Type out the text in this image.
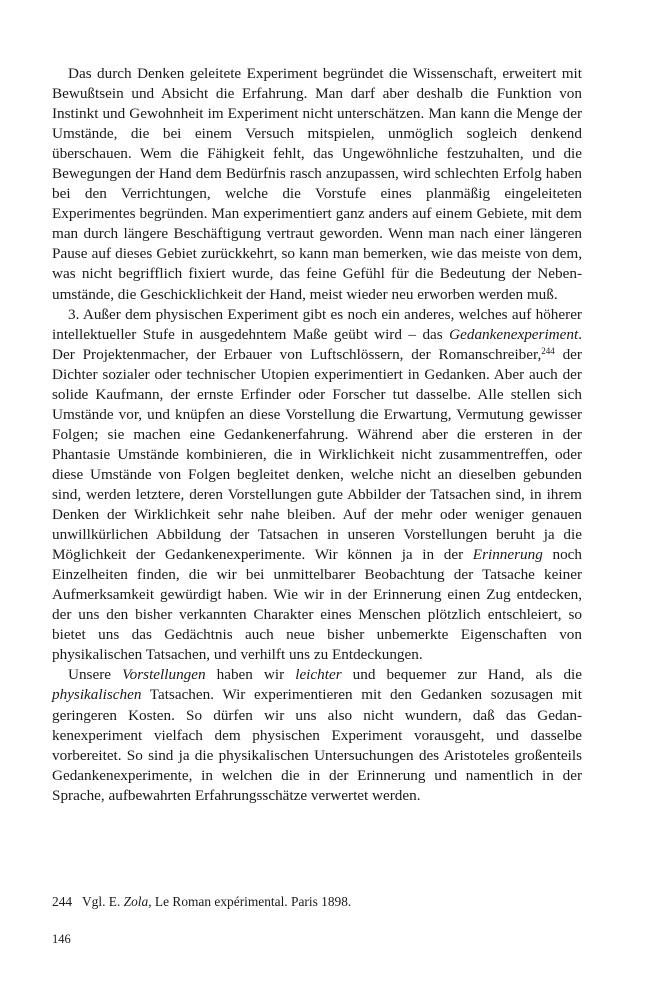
Das durch Denken geleitete Experiment begründet die Wissenschaft, erweitert mit Bewußtsein und Absicht die Erfahrung. Man darf aber deshalb die Funktion von Instinkt und Gewohnheit im Experiment nicht unterschätzen. Man kann die Menge der Umstände, die bei einem Versuch mitspielen, unmöglich sogleich denkend überschauen. Wem die Fähigkeit fehlt, das Ungewöhnliche festzuhalten, und die Bewegungen der Hand dem Bedürfnis rasch anzupassen, wird schlechten Erfolg haben bei den Verrichtungen, welche die Vorstufe eines planmäßig eingeleiteten Experimentes begründen. Man experimentiert ganz anders auf einem Gebiete, mit dem man durch längere Beschäftigung vertraut geworden. Wenn man nach einer längeren Pause auf dieses Gebiet zurückkehrt, so kann man bemerken, wie das meiste von dem, was nicht begrifflich fixiert wurde, das feine Gefühl für die Bedeutung der Nebenumstände, die Geschicklichkeit der Hand, meist wieder neu erworben werden muß.

3. Außer dem physischen Experiment gibt es noch ein anderes, welches auf höherer intellektueller Stufe in ausgedehntem Maße geübt wird – das Gedankenexperiment. Der Projektenmacher, der Erbauer von Luftschlössern, der Romanschreiber,$^{244}$ der Dichter sozialer oder technischer Utopien experimentiert in Gedanken. Aber auch der solide Kaufmann, der ernste Erfinder oder Forscher tut dasselbe. Alle stellen sich Umstände vor, und knüpfen an diese Vorstellung die Erwartung, Vermutung gewisser Folgen; sie machen eine Gedankenerfahrung. Während aber die ersteren in der Phantasie Umstände kombinieren, die in Wirklichkeit nicht zusammentreffen, oder diese Umstände von Folgen begleitet denken, welche nicht an dieselben gebunden sind, werden letztere, deren Vorstellungen gute Abbilder der Tatsachen sind, in ihrem Denken der Wirklichkeit sehr nahe bleiben. Auf der mehr oder weniger genauen unwillkürlichen Abbildung der Tatsachen in unseren Vorstellungen beruht ja die Möglichkeit der Gedankenexperimente. Wir können ja in der Erinnerung noch Einzelheiten finden, die wir bei unmittelbarer Beobachtung der Tatsache keiner Aufmerksamkeit gewürdigt haben. Wie wir in der Erinnerung einen Zug entdecken, der uns den bisher verkannten Charakter eines Menschen plötzlich entschleiert, so bietet uns das Gedächtnis auch neue bisher unbemerkte Eigenschaften von physikalischen Tatsachen, und verhilft uns zu Entdeckungen.

Unsere Vorstellungen haben wir leichter und bequemer zur Hand, als die physikalischen Tatsachen. Wir experimentieren mit den Gedanken sozusagen mit geringeren Kosten. So dürfen wir uns also nicht wundern, daß das Gedankenexperiment vielfach dem physischen Experiment vorausgeht, und dasselbe vorbereitet. So sind ja die physikalischen Untersuchungen des Aristoteles großenteils Gedankenexperimente, in welchen die in der Erinnerung und namentlich in der Sprache, aufbewahrten Erfahrungsschätze verwertet werden.

244 Vgl. E. Zola, Le Roman expérimental. Paris 1898.
146
